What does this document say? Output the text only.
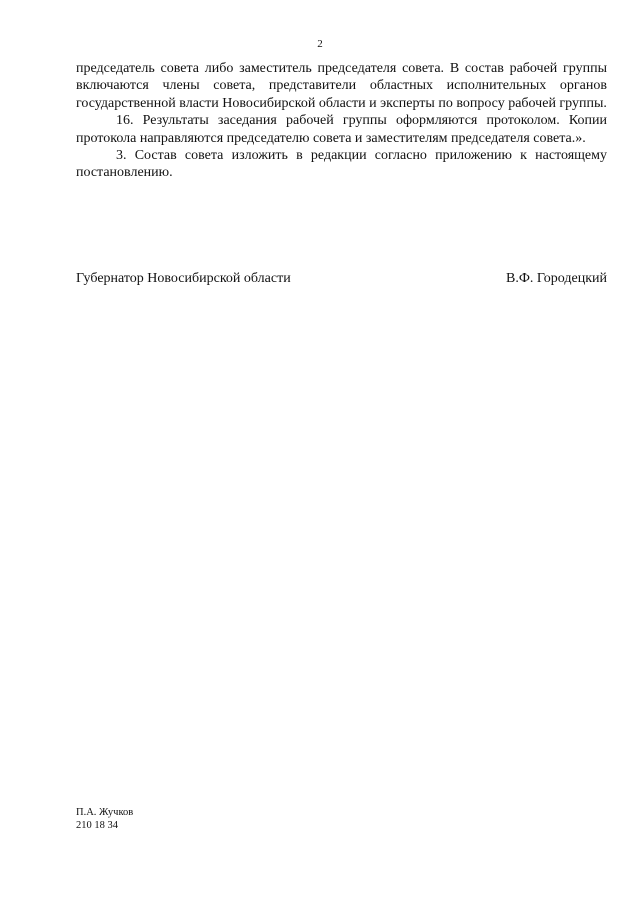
2

председатель совета либо заместитель председателя совета. В состав рабочей группы включаются члены совета, представители областных исполнительных органов государственной власти Новосибирской области и эксперты по вопросу рабочей группы.

16. Результаты заседания рабочей группы оформляются протоколом. Копии протокола направляются председателю совета и заместителям председателя совета.».

3. Состав совета изложить в редакции согласно приложению к настоящему постановлению.

Губернатор Новосибирской области	В.Ф. Городецкий
П.А. Жучков
210 18 34
